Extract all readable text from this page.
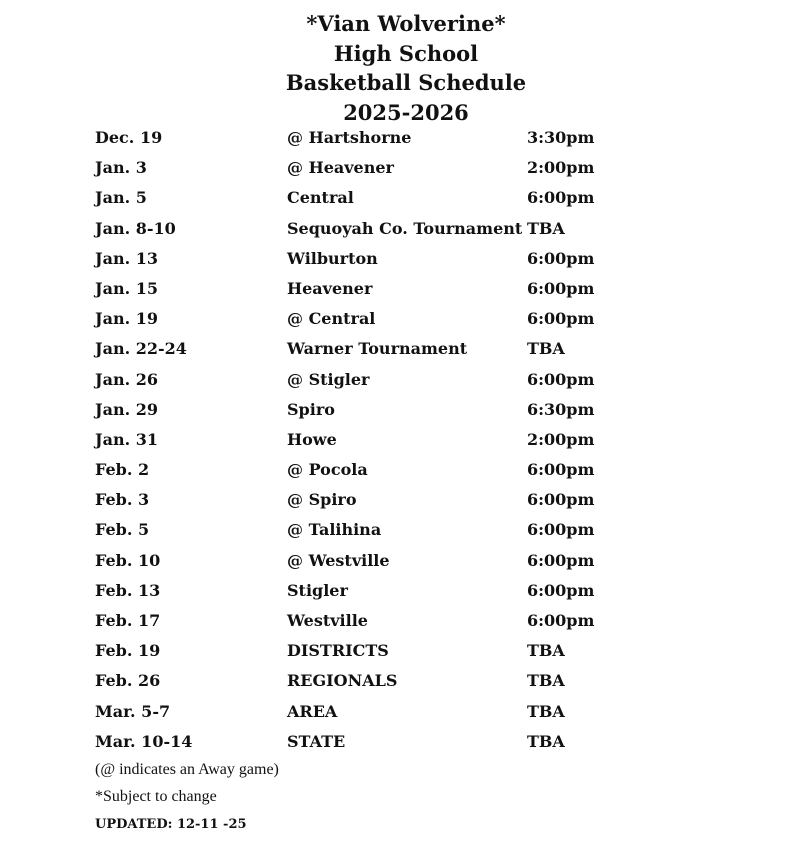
*Vian Wolverine*
High School
Basketball Schedule
2025-2026
Dec. 19	@ Hartshorne	3:30pm
Jan. 3	@ Heavener	2:00pm
Jan. 5	Central	6:00pm
Jan. 8-10	Sequoyah Co. Tournament TBA
Jan. 13	Wilburton	6:00pm
Jan. 15	Heavener	6:00pm
Jan. 19	@ Central	6:00pm
Jan. 22-24	Warner Tournament	TBA
Jan. 26	@ Stigler	6:00pm
Jan. 29	Spiro	6:30pm
Jan. 31	Howe	2:00pm
Feb. 2	@ Pocola	6:00pm
Feb. 3	@ Spiro	6:00pm
Feb. 5	@ Talihina	6:00pm
Feb. 10	@ Westville	6:00pm
Feb. 13	Stigler	6:00pm
Feb. 17	Westville	6:00pm
Feb. 19	DISTRICTS	TBA
Feb. 26	REGIONALS	TBA
Mar. 5-7	AREA	TBA
Mar. 10-14	STATE	TBA
(@ indicates an Away game)
*Subject to change
UPDATED: 12-11 -25
